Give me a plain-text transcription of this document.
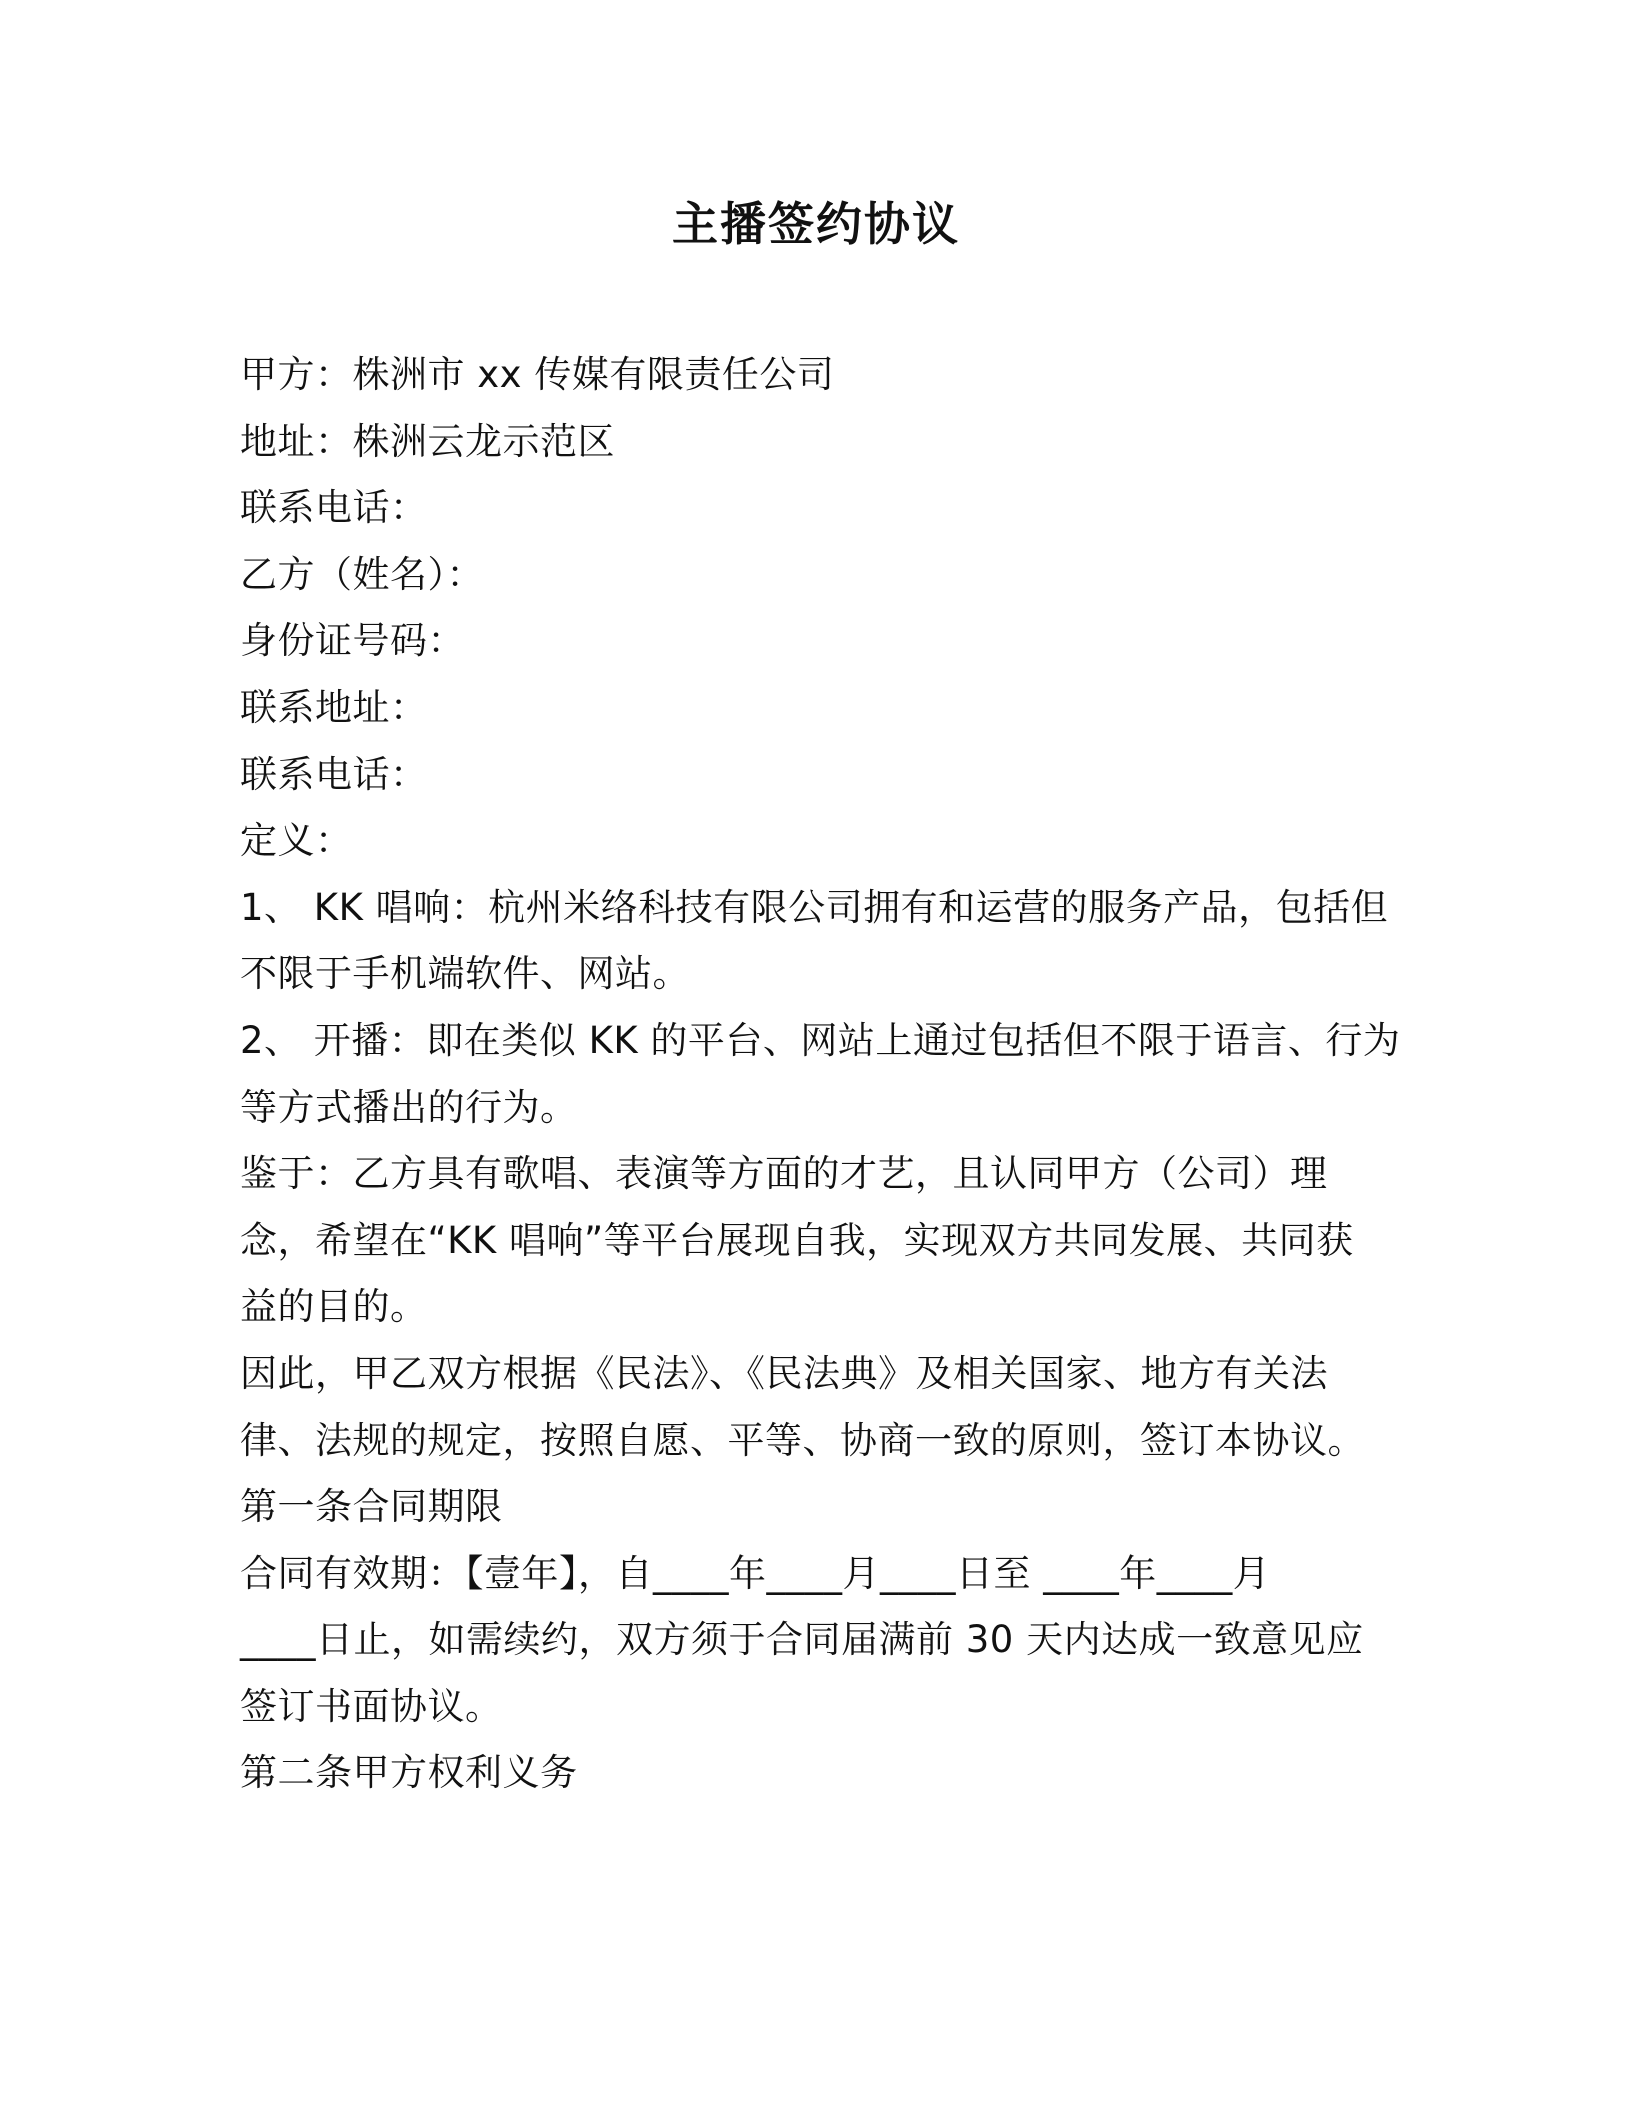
主播签约协议
甲方：株洲市 xx 传媒有限责任公司
地址：株洲云龙示范区
联系电话：
乙方（姓名）：
身份证号码：
联系地址：
联系电话：
定义：
1、 KK 唱响：杭州米络科技有限公司拥有和运营的服务产品，包括但
不限于手机端软件、网站。
2、 开播：即在类似 KK 的平台、网站上通过包括但不限于语言、行为
等方式播出的行为。
鉴于：乙方具有歌唱、表演等方面的才艺，且认同甲方（公司）理
念，希望在“KK 唱响”等平台展现自我，实现双方共同发展、共同获
益的目的。
因此，甲乙双方根据《民法》、《民法典》及相关国家、地方有关法
律、法规的规定，按照自愿、平等、协商一致的原则，签订本协议。
第一条合同期限
合同有效期：【壹年】，自____年____月____日至 ____年____月
____日止，如需续约，双方须于合同届满前 30 天内达成一致意见应
签订书面协议。
第二条甲方权利义务
